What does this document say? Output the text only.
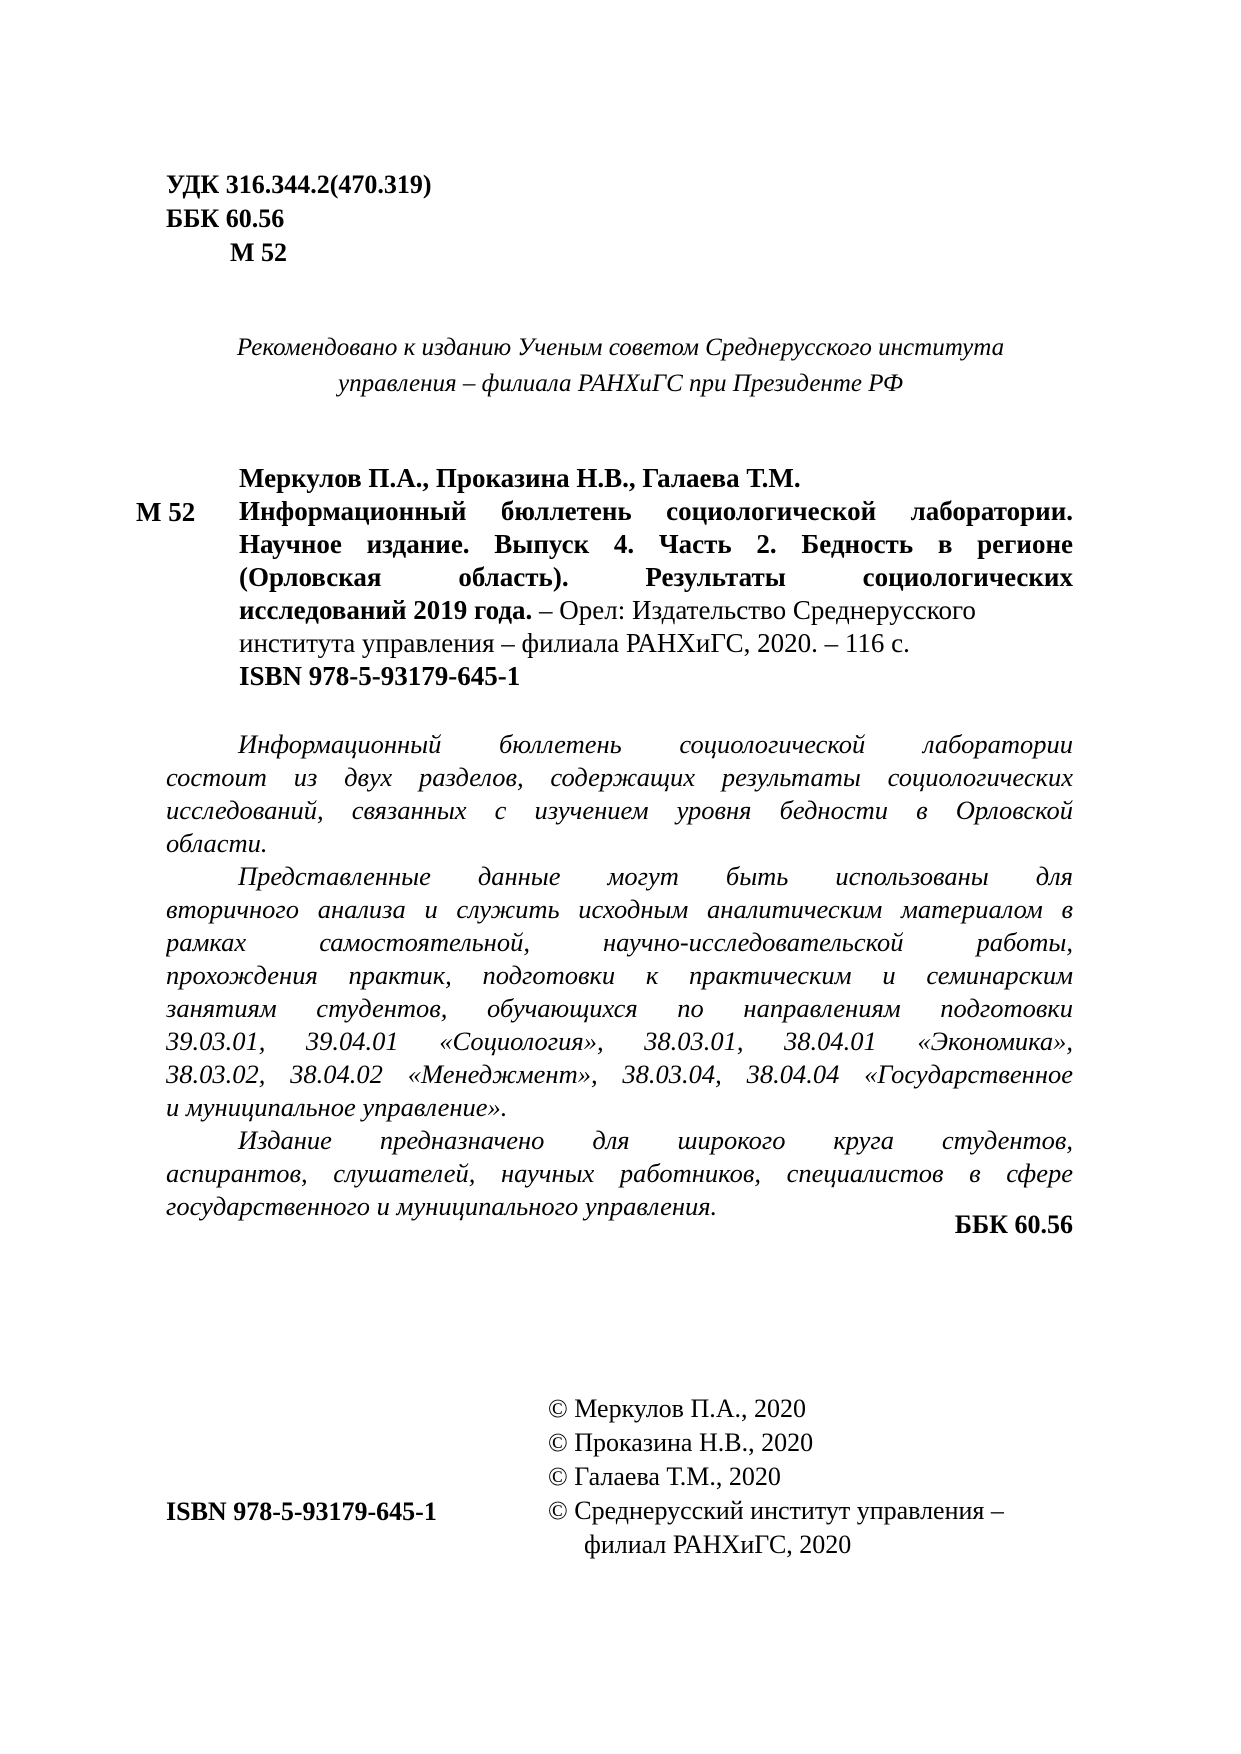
УДК 316.344.2(470.319)
ББК 60.56
М 52
Рекомендовано к изданию Ученым советом Среднерусского института
управления – филиала РАНХиГС при Президенте РФ
М 52
Меркулов П.А., Проказина Н.В., Галаева Т.М.
Информационный бюллетень социологической лаборатории.
Научное издание. Выпуск 4. Часть 2. Бедность в регионе
(Орловская область). Результаты социологических
исследований 2019 года. – Орел: Издательство Среднерусского
института управления – филиала РАНХиГС, 2020. – 116 с.
ISBN 978-5-93179-645-1
Информационный бюллетень социологической лаборатории
состоит из двух разделов, содержащих результаты социологических
исследований, связанных с изучением уровня бедности в Орловской
области.
Представленные данные могут быть использованы для
вторичного анализа и служить исходным аналитическим материалом в
рамках самостоятельной, научно-исследовательской работы,
прохождения практик, подготовки к практическим и семинарским
занятиям студентов, обучающихся по направлениям подготовки
39.03.01, 39.04.01 «Социология», 38.03.01, 38.04.01 «Экономика»,
38.03.02, 38.04.02 «Менеджмент», 38.03.04, 38.04.04 «Государственное
и муниципальное управление».
Издание предназначено для широкого круга студентов,
аспирантов, слушателей, научных работников, специалистов в сфере
государственного и муниципального управления.
ББК 60.56
© Меркулов П.А., 2020
© Проказина Н.В., 2020
© Галаева Т.М., 2020
© Среднерусский институт управления –
филиал РАНХиГС, 2020
ISBN 978-5-93179-645-1
